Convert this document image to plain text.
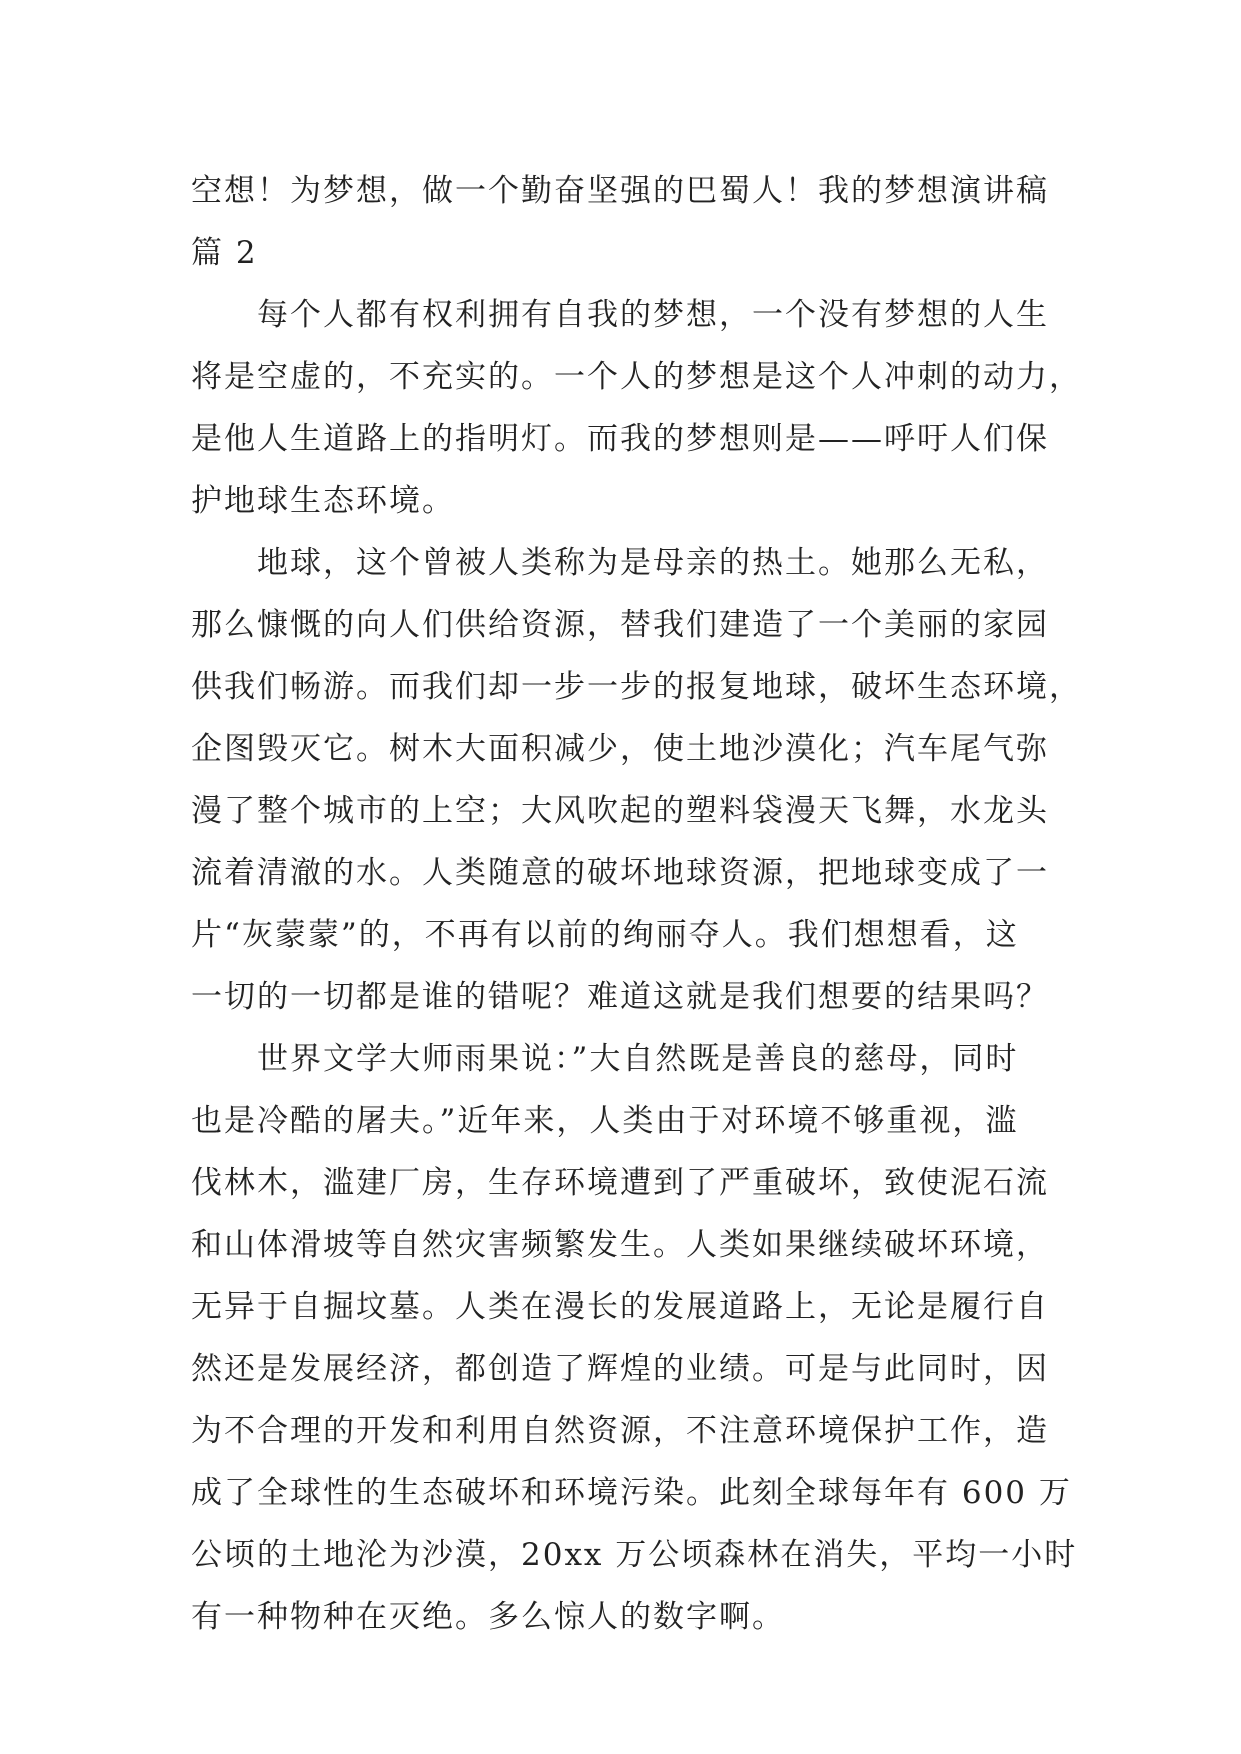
空想！为梦想，做一个勤奋坚强的巴蜀人！我的梦想演讲稿
篇 2
　　每个人都有权利拥有自我的梦想，一个没有梦想的人生
将是空虚的，不充实的。一个人的梦想是这个人冲刺的动力，
是他人生道路上的指明灯。而我的梦想则是——呼吁人们保
护地球生态环境。
　　地球，这个曾被人类称为是母亲的热土。她那么无私，
那么慷慨的向人们供给资源，替我们建造了一个美丽的家园
供我们畅游。而我们却一步一步的报复地球，破坏生态环境，
企图毁灭它。树木大面积减少，使土地沙漠化；汽车尾气弥
漫了整个城市的上空；大风吹起的塑料袋漫天飞舞，水龙头
流着清澈的水。人类随意的破坏地球资源，把地球变成了一
片“灰蒙蒙”的，不再有以前的绚丽夺人。我们想想看，这
一切的一切都是谁的错呢？难道这就是我们想要的结果吗？
　　世界文学大师雨果说：”大自然既是善良的慈母，同时
也是冷酷的屠夫。”近年来，人类由于对环境不够重视，滥
伐林木，滥建厂房，生存环境遭到了严重破坏，致使泥石流
和山体滑坡等自然灾害频繁发生。人类如果继续破坏环境，
无异于自掘坟墓。人类在漫长的发展道路上，无论是履行自
然还是发展经济，都创造了辉煌的业绩。可是与此同时，因
为不合理的开发和利用自然资源，不注意环境保护工作，造
成了全球性的生态破坏和环境污染。此刻全球每年有 600 万
公顷的土地沦为沙漠，20xx 万公顷森林在消失，平均一小时
有一种物种在灭绝。多么惊人的数字啊。
